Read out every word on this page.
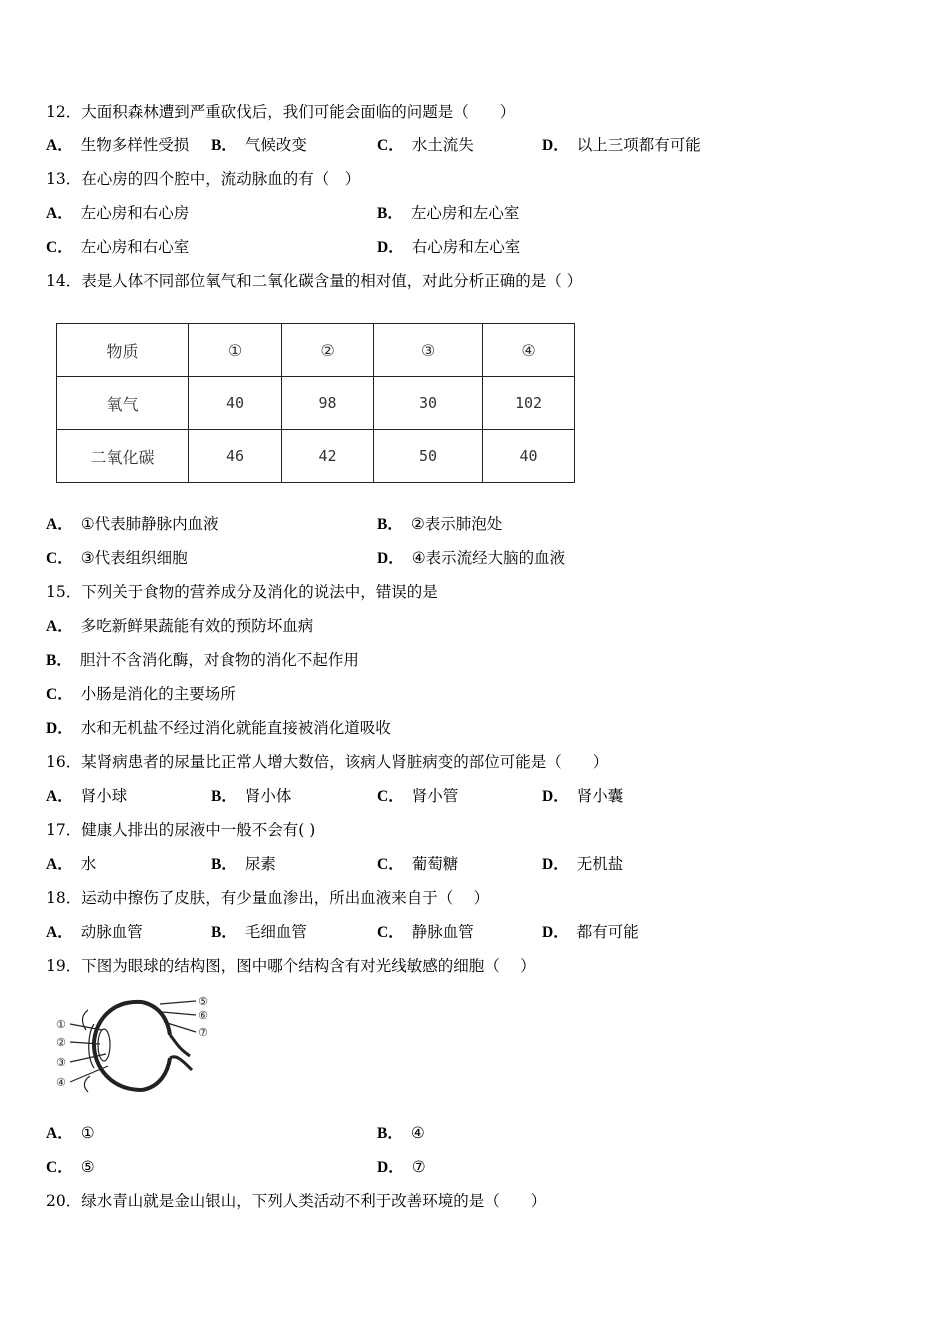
12．大面积森林遭到严重砍伐后，我们可能会面临的问题是（　　）
A． 生物多样性受损 B． 气候改变	C． 水土流失	D． 以上三项都有可能
13．在心房的四个腔中，流动脉血的有（　）
A． 左心房和右心房	B． 左心房和左心室
C． 左心房和右心室	D． 右心房和左心室
14．表是人体不同部位氧气和二氧化碳含量的相对值，对此分析正确的是（ ）
物质	①	②	③	④
氧气	40	98	30	102
二氧化碳	46	42	50	40
A． ①代表肺静脉内血液	B． ②表示肺泡处
C． ③代表组织细胞	D． ④表示流经大脑的血液
15．下列关于食物的营养成分及消化的说法中，错误的是
A． 多吃新鲜果蔬能有效的预防坏血病
B． 胆汁不含消化酶，对食物的消化不起作用
C． 小肠是消化的主要场所
D． 水和无机盐不经过消化就能直接被消化道吸收
16．某肾病患者的尿量比正常人增大数倍，该病人肾脏病变的部位可能是（　　）
A． 肾小球	B． 肾小体	C． 肾小管	D． 肾小囊
17．健康人排出的尿液中一般不会有( )
A． 水	B． 尿素	C． 葡萄糖	D． 无机盐
18．运动中擦伤了皮肤，有少量血渗出，所出血液来自于（　 ）
A． 动脉血管	B． 毛细血管	C． 静脉血管	D． 都有可能
19．下图为眼球的结构图，图中哪个结构含有对光线敏感的细胞（　 ）
①
②
③
④
⑤
⑥
⑦
A． ①	B． ④
C． ⑤	D． ⑦
20．绿水青山就是金山银山，下列人类活动不利于改善环境的是（　　）
